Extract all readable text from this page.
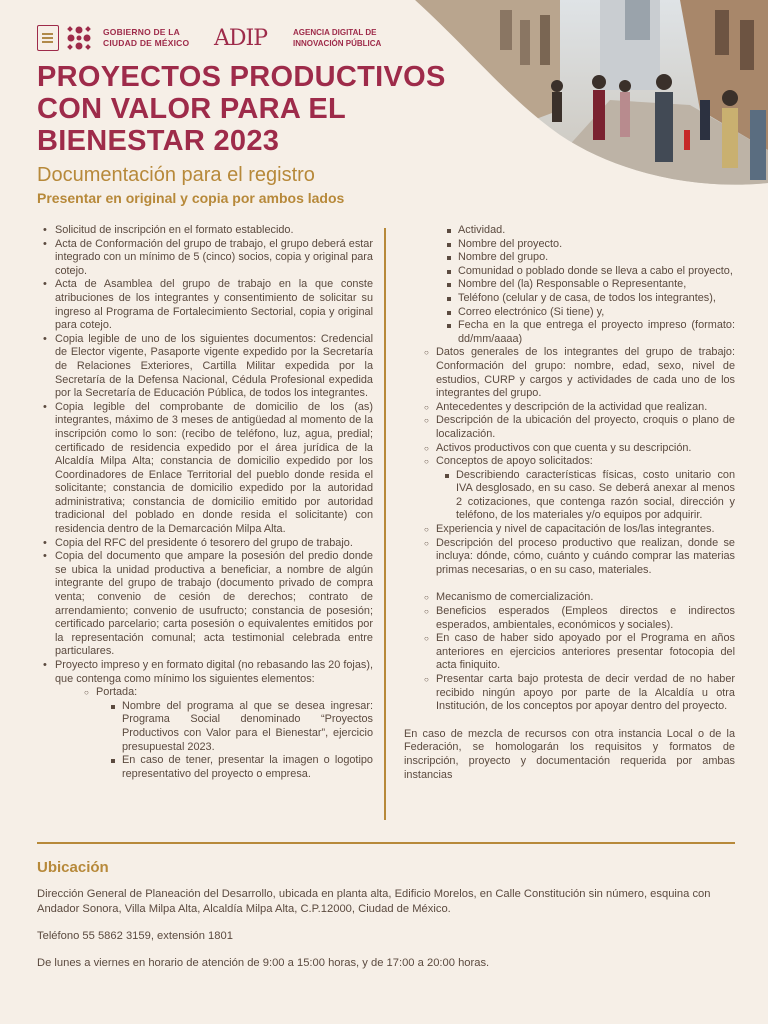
GOBIERNO DE LA CIUDAD DE MÉXICO	ADIP	AGENCIA DIGITAL DE INNOVACIÓN PÚBLICA
PROYECTOS PRODUCTIVOS CON VALOR PARA EL BIENESTAR 2023
Documentación para el registro
Presentar en original y copia por ambos lados
• Solicitud de inscripción en el formato establecido.
• Acta de Conformación del grupo de trabajo, el grupo deberá estar integrado con un mínimo de 5 (cinco) socios, copia y original para cotejo.
• Acta de Asamblea del grupo de trabajo en la que conste atribuciones de los integrantes y consentimiento de solicitar su ingreso al Programa de Fortalecimiento Sectorial, copia y original para cotejo.
• Copia legible de uno de los siguientes documentos: Credencial de Elector vigente, Pasaporte vigente expedido por la Secretaría de Relaciones Exteriores, Cartilla Militar expedida por la Secretaría de la Defensa Nacional, Cédula Profesional expedida por la Secretaría de Educación Pública, de todos los integrantes.
• Copia legible del comprobante de domicilio de los (as) integrantes, máximo de 3 meses de antigüedad al momento de la inscripción como lo son: (recibo de teléfono, luz, agua, predial; certificado de residencia expedido por el área jurídica de la Alcaldía Milpa Alta; constancia de domicilio expedido por los Coordinadores de Enlace Territorial del pueblo donde resida el solicitante; constancia de domicilio expedido por la autoridad administrativa; constancia de domicilio emitido por autoridad tradicional del poblado en donde resida el solicitante) con residencia dentro de la Demarcación Milpa Alta.
• Copia del RFC del presidente ó tesorero del grupo de trabajo.
• Copia del documento que ampare la posesión del predio donde se ubica la unidad productiva a beneficiar, a nombre de algún integrante del grupo de trabajo (documento privado de compra venta; convenio de cesión de derechos; contrato de arrendamiento; convenio de usufructo; constancia de posesión; certificado parcelario; carta posesión o equivalentes emitidos por la representación comunal; acta testimonial celebrada entre particulares.
• Proyecto impreso y en formato digital (no rebasando las 20 fojas), que contenga como mínimo los siguientes elementos:
○ Portada:
Nombre del programa al que se desea ingresar: Programa Social denominado “Proyectos Productivos con Valor para el Bienestar”, ejercicio presupuestal 2023.
En caso de tener, presentar la imagen o logotipo representativo del proyecto o empresa.
Actividad.
Nombre del proyecto.
Nombre del grupo.
Comunidad o poblado donde se lleva a cabo el proyecto,
Nombre del (la) Responsable o Representante,
Teléfono (celular y de casa, de todos los integrantes),
Correo electrónico (Si tiene) y,
Fecha en la que entrega el proyecto impreso (formato: dd/mm/aaaa)
○ Datos generales de los integrantes del grupo de trabajo: Conformación del grupo: nombre, edad, sexo, nivel de estudios, CURP y cargos y actividades de cada uno de los integrantes del grupo.
○ Antecedentes y descripción de la actividad que realizan.
○ Descripción de la ubicación del proyecto, croquis o plano de localización.
○ Activos productivos con que cuenta y su descripción.
○ Conceptos de apoyo solicitados:
Describiendo características físicas, costo unitario con IVA desglosado, en su caso. Se deberá anexar al menos 2 cotizaciones, que contenga razón social, dirección y teléfono, de los materiales y/o equipos por adquirir.
○ Experiencia y nivel de capacitación de los/las integrantes.
○ Descripción del proceso productivo que realizan, donde se incluya: dónde, cómo, cuánto y cuándo comprar las materias primas necesarias, o en su caso, materiales.
○ Mecanismo de comercialización.
○ Beneficios esperados (Empleos directos e indirectos esperados, ambientales, económicos y sociales).
○ En caso de haber sido apoyado por el Programa en años anteriores en ejercicios anteriores presentar fotocopia del acta finiquito.
○ Presentar carta bajo protesta de decir verdad de no haber recibido ningún apoyo por parte de la Alcaldía u otra Institución, de los conceptos por apoyar dentro del proyecto.

En caso de mezcla de recursos con otra instancia Local o de la Federación, se homologarán los requisitos y formatos de inscripción, proyecto y documentación requerida por ambas instancias

Ubicación

Dirección General de Planeación del Desarrollo, ubicada en planta alta, Edificio Morelos, en Calle Constitución sin número, esquina con Andador Sonora, Villa Milpa Alta, Alcaldía Milpa Alta, C.P.12000, Ciudad de México.

Teléfono 55 5862 3159, extensión 1801

De lunes a viernes en horario de atención de 9:00 a 15:00 horas, y de 17:00 a 20:00 horas.
